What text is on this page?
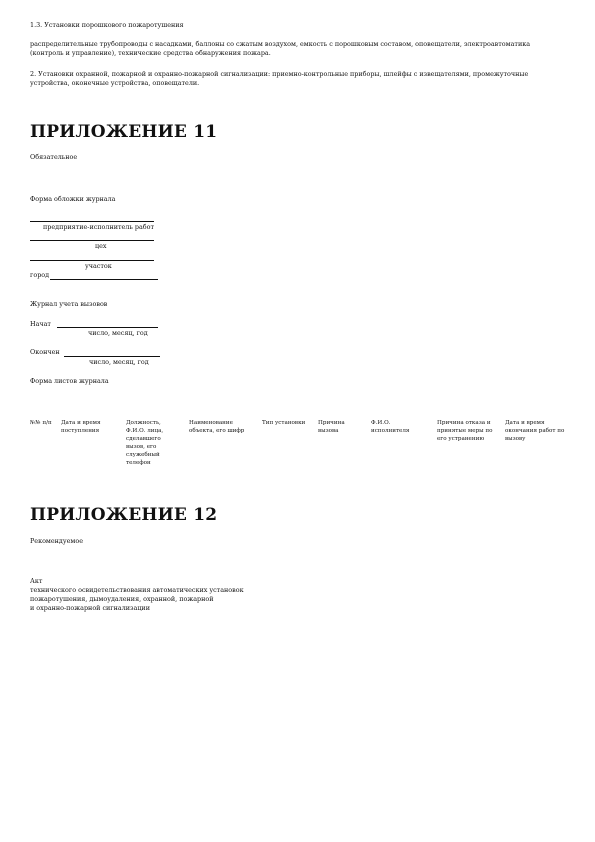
1.3. Установки порошкового пожаротушения
распределительные трубопроводы с насадками, баллоны со сжатым воздухом, емкость с порошковым составом, оповещатели, электроавтоматика (контроль и управление), технические средства обнаружения пожара.
2. Установки охранной, пожарной и охранно-пожарной сигнализации: приемно-контрольные приборы, шлейфы с извещателями, промежуточные устройства, оконечные устройства, оповещатели.
ПРИЛОЖЕНИЕ 11
Обязательное
Форма обложки журнала
предприятие-исполнитель работ
цех
участок
город
Журнал учета вызовов
Начат
число, месяц, год
Окончен
число, месяц, год
Форма листов журнала
№№ п/п	Дата и время поступления
Должность, Ф.И.О. лица, сделавшего вызов, его служебный телефон
Наименование объекта, его шифр
Тип установки	Причина вызова
Ф.И.О. исполнителя
Причина отказа и принятые меры по его устранению
Дата и время окончания работ по вызову
ПРИЛОЖЕНИЕ 12
Рекомендуемое
Акт
технического освидетельствования автоматических установок
пожаротушения, дымоудаления, охранной, пожарной
и охранно-пожарной сигнализации
